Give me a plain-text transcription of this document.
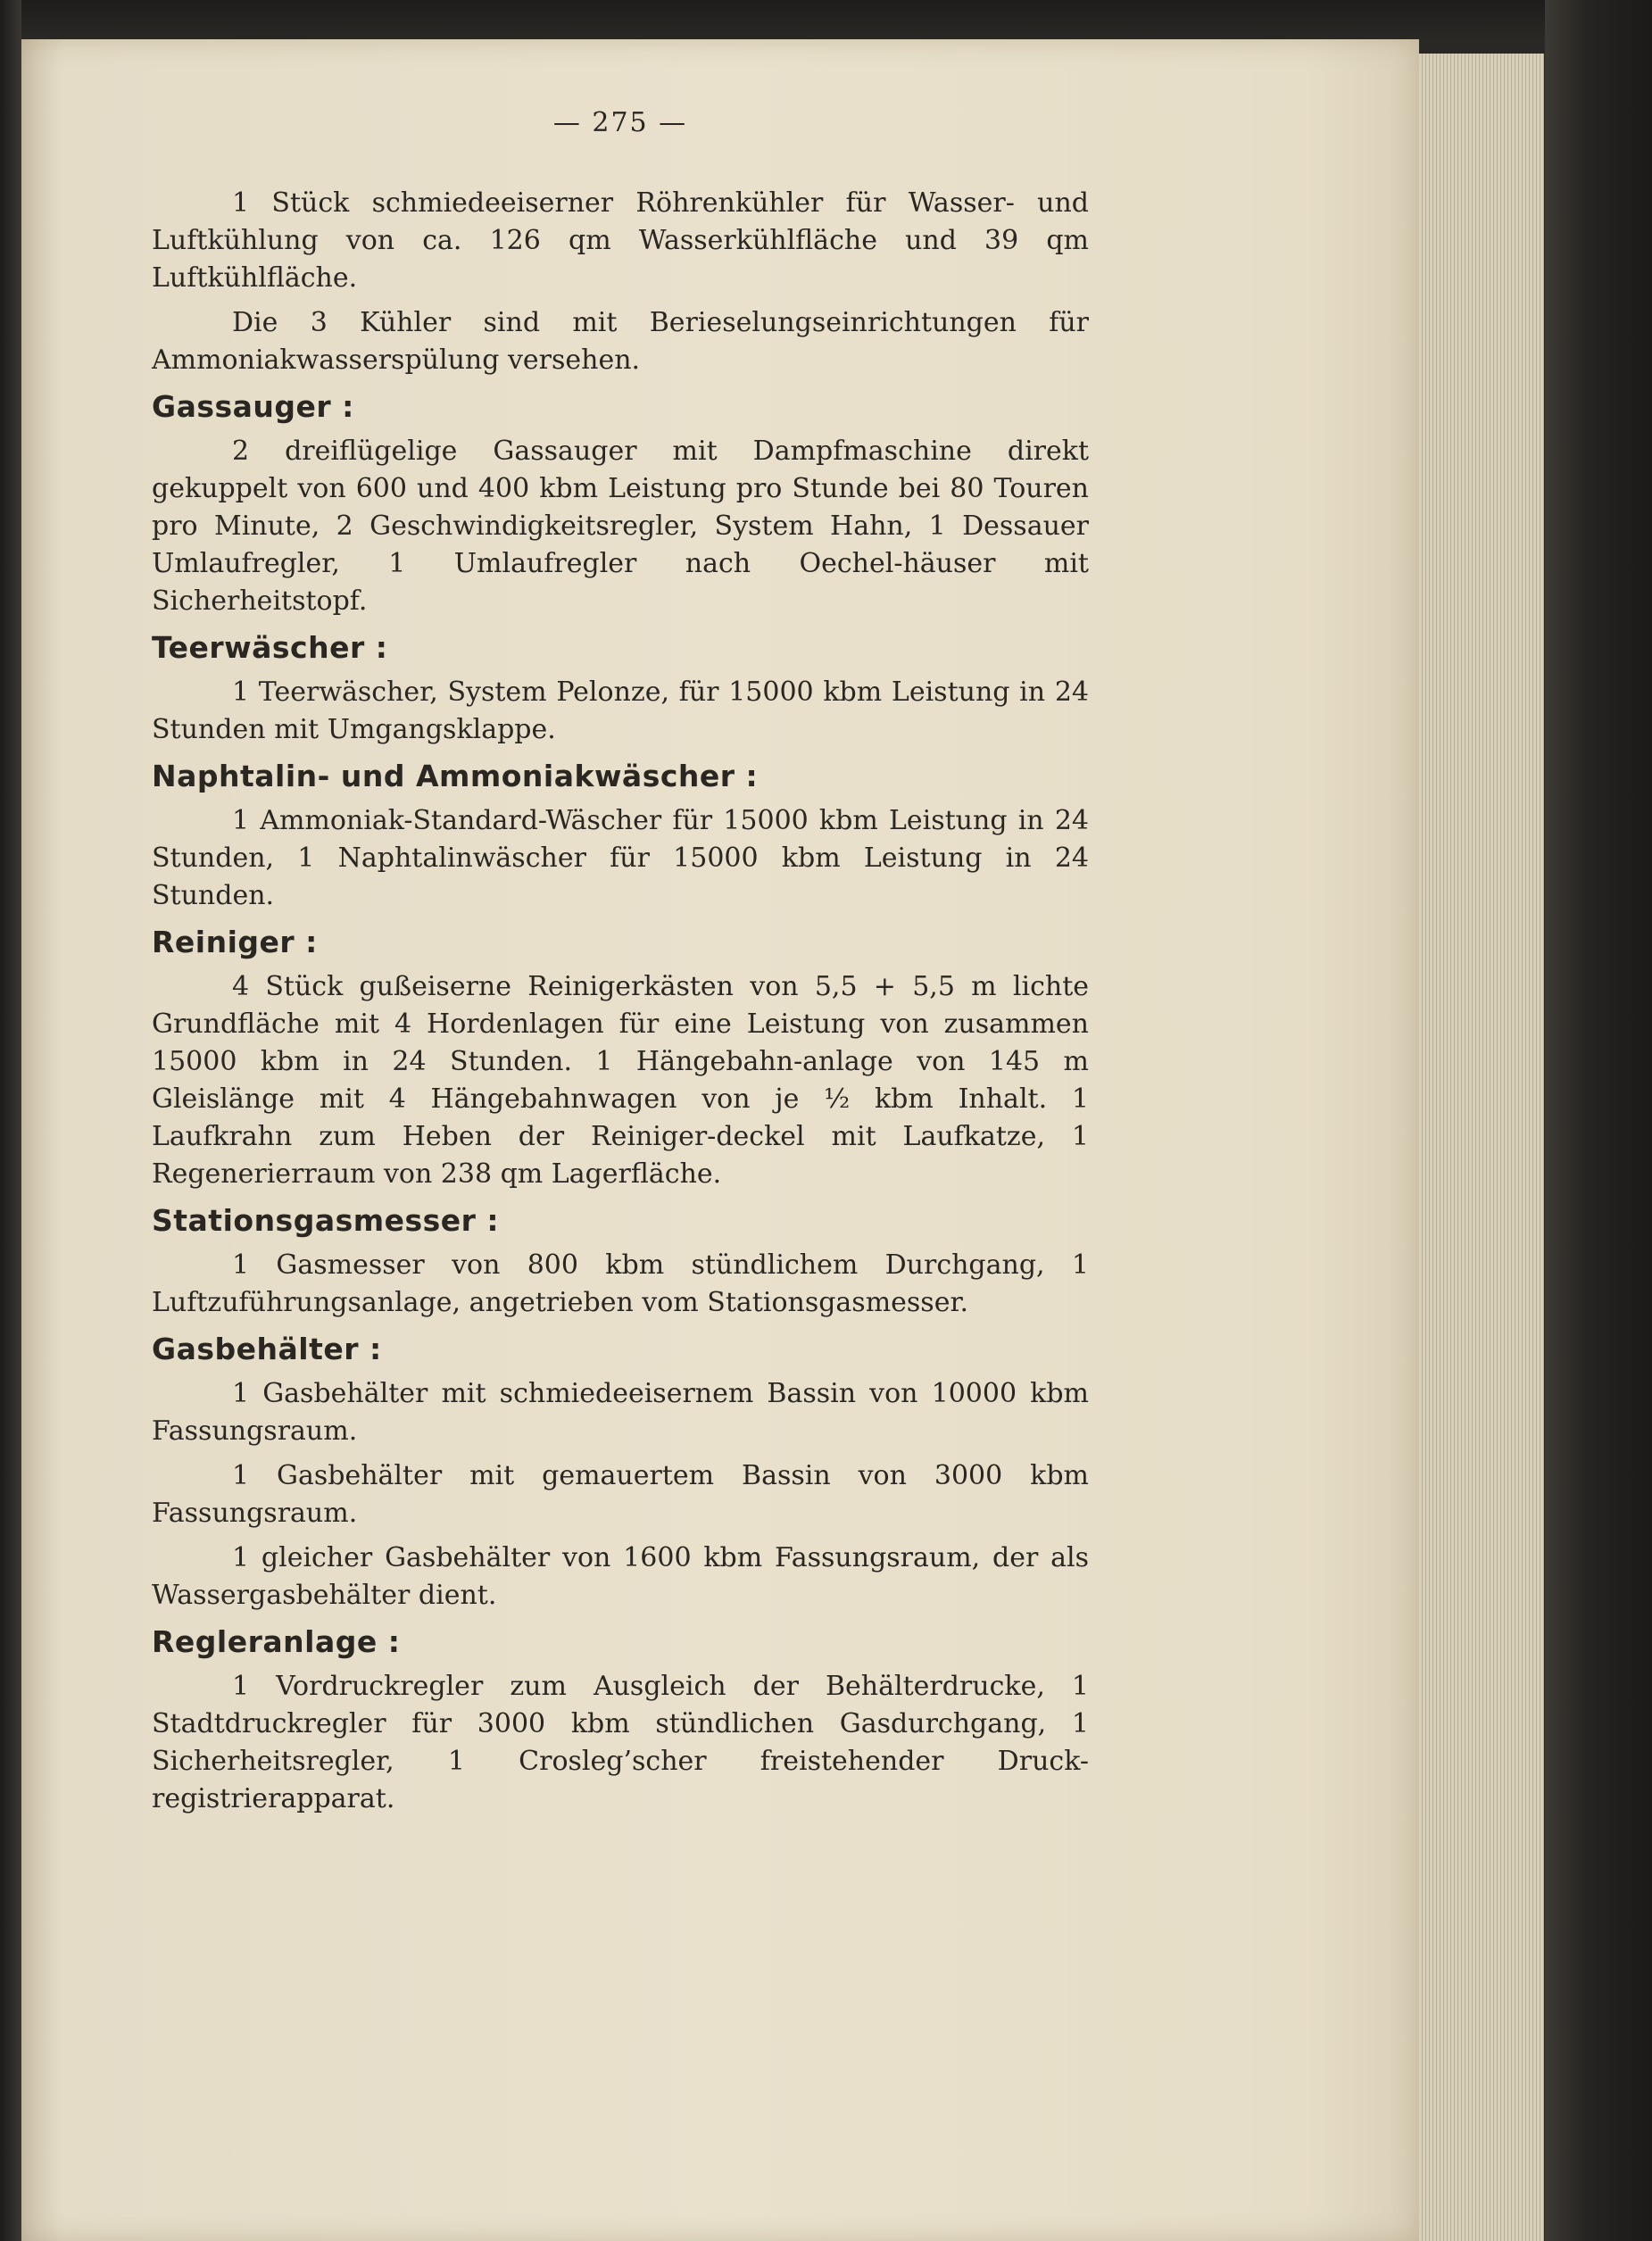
— 275 —

1 Stück schmiedeeiserner Röhrenkühler für Wasser- und Luftkühlung von ca. 126 qm Wasserkühlfläche und 39 qm Luftkühlfläche.

Die 3 Kühler sind mit Berieselungseinrichtungen für Ammoniakwasserspülung versehen.

Gassauger :

2 dreiflügelige Gassauger mit Dampfmaschine direkt gekuppelt von 600 und 400 kbm Leistung pro Stunde bei 80 Touren pro Minute, 2 Geschwindigkeitsregler, System Hahn, 1 Dessauer Umlaufregler, 1 Umlaufregler nach Oechel-häuser mit Sicherheitstopf.

Teerwäscher :

1 Teerwäscher, System Pelonze, für 15000 kbm Leistung in 24 Stunden mit Umgangsklappe.

Naphtalin- und Ammoniakwäscher :

1 Ammoniak-Standard-Wäscher für 15000 kbm Leistung in 24 Stunden, 1 Naphtalinwäscher für 15000 kbm Leistung in 24 Stunden.

Reiniger :

4 Stück gußeiserne Reinigerkästen von 5,5 + 5,5 m lichte Grundfläche mit 4 Hordenlagen für eine Leistung von zusammen 15000 kbm in 24 Stunden. 1 Hängebahn-anlage von 145 m Gleislänge mit 4 Hängebahnwagen von je ½ kbm Inhalt. 1 Laufkrahn zum Heben der Reiniger-deckel mit Laufkatze, 1 Regenerierraum von 238 qm Lagerfläche.

Stationsgasmesser :

1 Gasmesser von 800 kbm stündlichem Durchgang, 1 Luftzuführungsanlage, angetrieben vom Stationsgasmesser.

Gasbehälter :

1 Gasbehälter mit schmiedeeisernem Bassin von 10000 kbm Fassungsraum.

1 Gasbehälter mit gemauertem Bassin von 3000 kbm Fassungsraum.

1 gleicher Gasbehälter von 1600 kbm Fassungsraum, der als Wassergasbehälter dient.

Regleranlage :

1 Vordruckregler zum Ausgleich der Behälterdrucke, 1 Stadtdruckregler für 3000 kbm stündlichen Gasdurchgang, 1 Sicherheitsregler, 1 Crosleg’scher freistehender Druck-registrierapparat.
